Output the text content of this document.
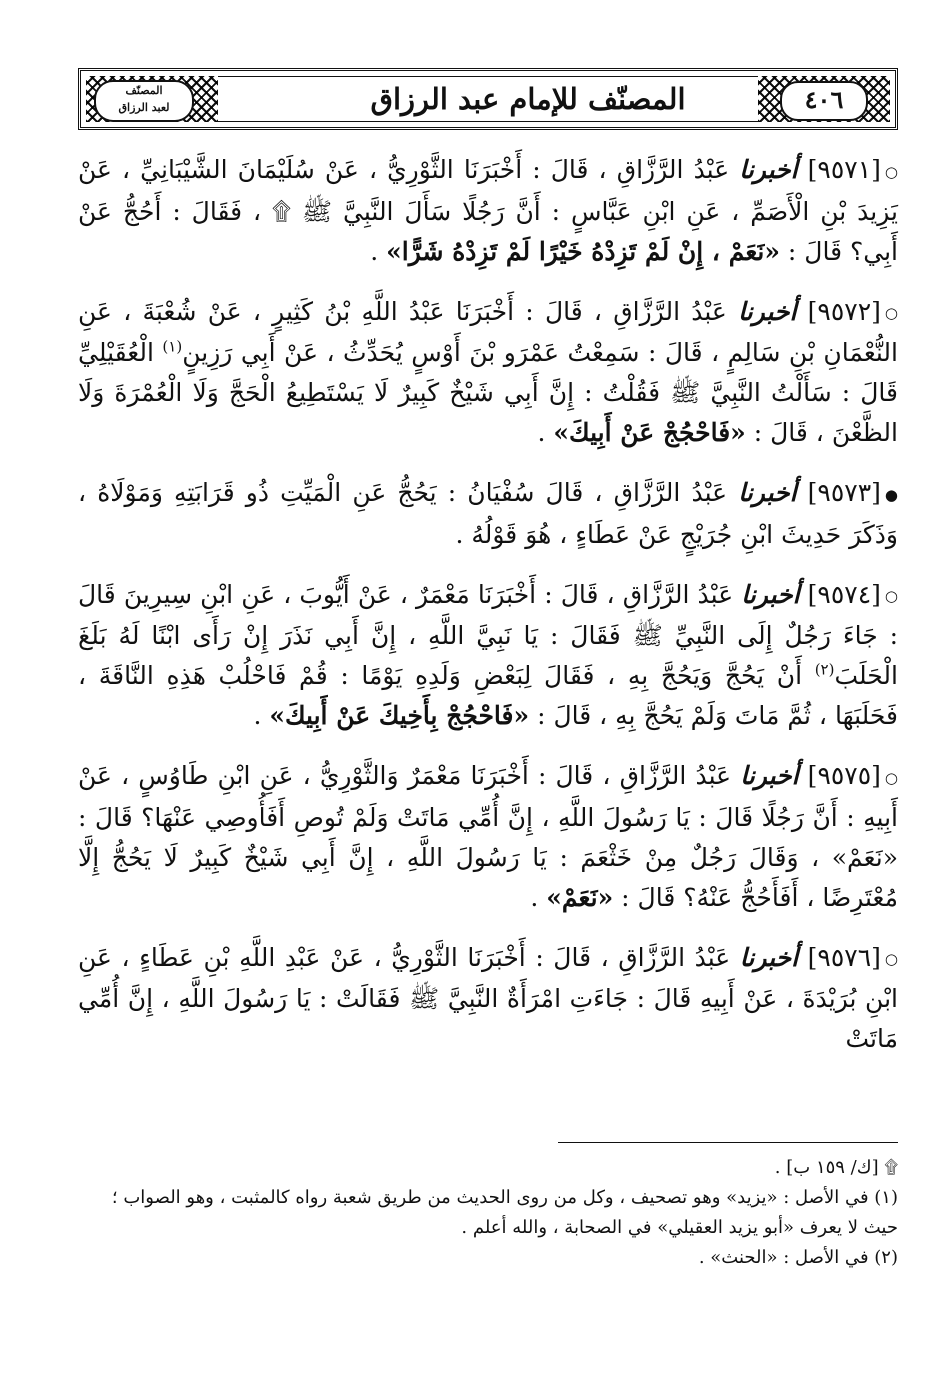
المصنّف للإمام عبد الرزاق	٤٠٦
المصنّف
لعبد الرزاق

○[٩٥٧١] أخبرنا عَبْدُ الرَّزَّاقِ ، قَالَ : أَخْبَرَنَا الثَّوْرِيُّ ، عَنْ سُلَيْمَانَ الشَّيْبَانِيِّ ، عَنْ يَزِيدَ بْنِ الْأَصَمِّ ، عَنِ ابْنِ عَبَّاسٍ : أَنَّ رَجُلًا سَأَلَ النَّبِيَّ ﷺ ۩ ، فَقَالَ : أَحُجُّ عَنْ أَبِي؟ قَالَ : «نَعَمْ ، إِنْ لَمْ تَزِدْهُ خَيْرًا لَمْ تَزِدْهُ شَرًّا» .

○[٩٥٧٢] أخبرنا عَبْدُ الرَّزَّاقِ ، قَالَ : أَخْبَرَنَا عَبْدُ اللَّهِ بْنُ كَثِيرٍ ، عَنْ شُعْبَةَ ، عَنِ النُّعْمَانِ بْنِ سَالِمٍ ، قَالَ : سَمِعْتُ عَمْرَو بْنَ أَوْسٍ يُحَدِّثُ ، عَنْ أَبِي رَزِينٍ$^{(١)}$ الْعُقَيْلِيِّ قَالَ : سَأَلْتُ النَّبِيَّ ﷺ فَقُلْتُ : إِنَّ أَبِي شَيْخٌ كَبِيرٌ لَا يَسْتَطِيعُ الْحَجَّ وَلَا الْعُمْرَةَ وَلَا الظَّعْنَ ، قَالَ : «فَاحْجُجْ عَنْ أَبِيكَ» .

●[٩٥٧٣] أخبرنا عَبْدُ الرَّزَّاقِ ، قَالَ سُفْيَانُ : يَحُجُّ عَنِ الْمَيِّتِ ذُو قَرَابَتِهِ وَمَوْلَاهُ ، وَذَكَرَ حَدِيثَ ابْنِ جُرَيْجٍ عَنْ عَطَاءٍ ، هُوَ قَوْلُهُ .

○[٩٥٧٤] أخبرنا عَبْدُ الرَّزَّاقِ ، قَالَ : أَخْبَرَنَا مَعْمَرٌ ، عَنْ أَيُّوبَ ، عَنِ ابْنِ سِيرِينَ قَالَ : جَاءَ رَجُلٌ إِلَى النَّبِيِّ ﷺ فَقَالَ : يَا نَبِيَّ اللَّهِ ، إِنَّ أَبِي نَذَرَ إِنْ رَأَى ابْنًا لَهُ بَلَغَ الْحَلَبَ$^{(٢)}$ أَنْ يَحُجَّ وَيَحُجَّ بِهِ ، فَقَالَ لِبَعْضِ وَلَدِهِ يَوْمًا : قُمْ فَاحْلُبْ هَذِهِ النَّاقَةَ ، فَحَلَبَهَا ، ثُمَّ مَاتَ وَلَمْ يَحُجَّ بِهِ ، قَالَ : «فَاحْجُجْ بِأَخِيكَ عَنْ أَبِيكَ» .

○[٩٥٧٥] أخبرنا عَبْدُ الرَّزَّاقِ ، قَالَ : أَخْبَرَنَا مَعْمَرٌ وَالثَّوْرِيُّ ، عَنِ ابْنِ طَاوُسٍ ، عَنْ أَبِيهِ : أَنَّ رَجُلًا قَالَ : يَا رَسُولَ اللَّهِ ، إِنَّ أُمِّي مَاتَتْ وَلَمْ تُوصِ أَفَأُوصِي عَنْهَا؟ قَالَ : «نَعَمْ» ، وَقَالَ رَجُلٌ مِنْ خَثْعَمَ : يَا رَسُولَ اللَّهِ ، إِنَّ أَبِي شَيْخٌ كَبِيرٌ لَا يَحُجُّ إِلَّا مُعْتَرِضًا ، أَفَأَحُجُّ عَنْهُ؟ قَالَ : «نَعَمْ» .

○[٩٥٧٦] أخبرنا عَبْدُ الرَّزَّاقِ ، قَالَ : أَخْبَرَنَا الثَّوْرِيُّ ، عَنْ عَبْدِ اللَّهِ بْنِ عَطَاءٍ ، عَنِ ابْنِ بُرَيْدَةَ ، عَنْ أَبِيهِ قَالَ : جَاءَتِ امْرَأَةٌ النَّبِيَّ ﷺ فَقَالَتْ : يَا رَسُولَ اللَّهِ ، إِنَّ أُمِّي مَاتَتْ

۩ [ك/ ١٥٩ ب] .

(١) في الأصل : «يزيد» وهو تصحيف ، وكل من روى الحديث من طريق شعبة رواه كالمثبت ، وهو الصواب ؛

حيث لا يعرف «أبو يزيد العقيلي» في الصحابة ، والله أعلم .

(٢) في الأصل : «الحنث» .
